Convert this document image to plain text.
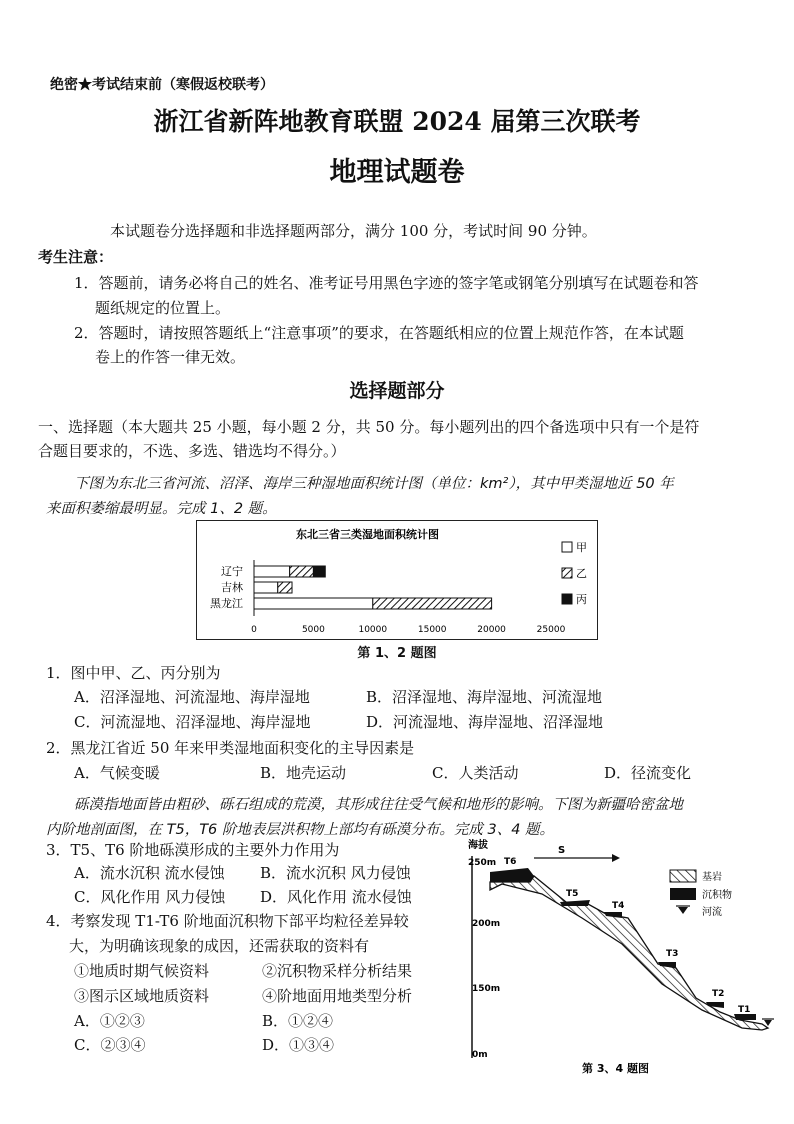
绝密★考试结束前（寒假返校联考）
浙江省新阵地教育联盟 2024 届第三次联考
地理试题卷
本试题卷分选择题和非选择题两部分，满分 100 分，考试时间 90 分钟。
考生注意：
1．答题前，请务必将自己的姓名、准考证号用黑色字迹的签字笔或钢笔分别填写在试题卷和答
题纸规定的位置上。
2．答题时，请按照答题纸上“注意事项”的要求，在答题纸相应的位置上规范作答，在本试题
卷上的作答一律无效。
选择题部分
一、选择题（本大题共 25 小题，每小题 2 分，共 50 分。每小题列出的四个备选项中只有一个是符
合题目要求的，不选、多选、错选均不得分。）
下图为东北三省河流、沼泽、海岸三种湿地面积统计图（单位：km²），其中甲类湿地近 50 年
来面积萎缩最明显。完成 1、2 题。
东北三省三类湿地面积统计图
甲
乙
丙
辽宁
吉林
黑龙江
0	5000	10000	15000	20000	25000
第 1、2 题图
1．图中甲、乙、丙分别为
A．沼泽湿地、河流湿地、海岸湿地	B．沼泽湿地、海岸湿地、河流湿地
C．河流湿地、沼泽湿地、海岸湿地	D．河流湿地、海岸湿地、沼泽湿地
2．黑龙江省近 50 年来甲类湿地面积变化的主导因素是
A．气候变暖	B．地壳运动	C．人类活动	D．径流变化
砾漠指地面皆由粗砂、砾石组成的荒漠，其形成往往受气候和地形的影响。下图为新疆哈密盆地
内阶地剖面图，在 T5，T6 阶地表层洪积物上部均有砾漠分布。完成 3、4 题。
3．T5、T6 阶地砾漠形成的主要外力作用为
A．流水沉积 流水侵蚀 B．流水沉积 风力侵蚀
C．风化作用 风力侵蚀 D．风化作用 流水侵蚀
4．考察发现 T1-T6 阶地面沉积物下部平均粒径差异较
大，为明确该现象的成因，还需获取的资料有
①地质时期气候资料	②沉积物采样分析结果
③图示区域地质资料	④阶地面用地类型分析
A．①②③	B．①②④
C．②③④	D．①③④
海拔
250m
200m
150m
0m
S
T6
T5
T4
T3
T2
T1
基岩
沉积物
河流
第 3、4 题图
